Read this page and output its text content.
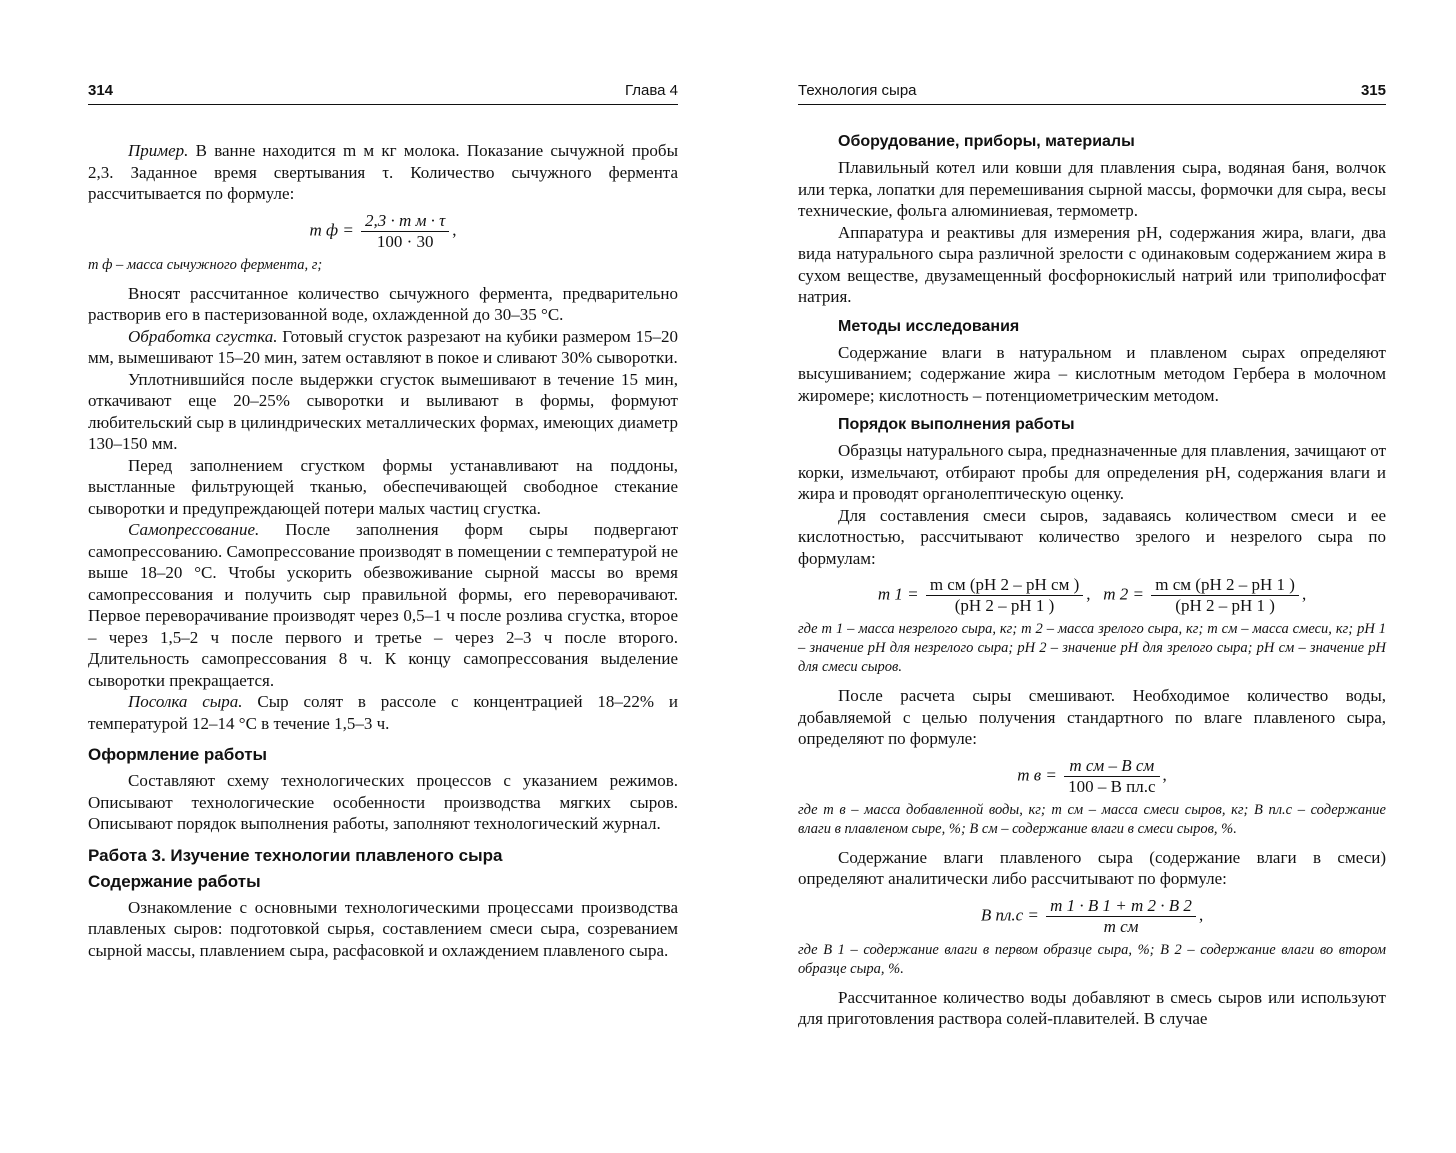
314	Глава 4

Пример. В ванне находится m м кг молока. Показание сычужной пробы 2,3. Заданное время свертывания τ. Количество сычужного фермента рассчитывается по формуле:

m $ф = \frac{\text{2,3 · m м · τ}}{100 \cdot 30}$ ,

m ф – масса сычужного фермента, г;

Вносят рассчитанное количество сычужного фермента, предварительно растворив его в пастеризованной воде, охлажденной до 30–35 °С.

Обработка сгустка. Готовый сгусток разрезают на кубики размером 15–20 мм, вымешивают 15–20 мин, затем оставляют в покое и сливают 30% сыворотки.

Уплотнившийся после выдержки сгусток вымешивают в течение 15 мин, откачивают еще 20–25% сыворотки и выливают в формы, формуют любительский сыр в цилиндрических металлических формах, имеющих диаметр 130–150 мм.

Перед заполнением сгустком формы устанавливают на поддоны, выстланные фильтрующей тканью, обеспечивающей свободное стекание сыворотки и предупреждающей потери малых частиц сгустка.

Самопрессование. После заполнения форм сыры подвергают самопрессованию. Самопрессование производят в помещении с температурой не выше 18–20 °С. Чтобы ускорить обезвоживание сырной массы во время самопрессования и получить сыр правильной формы, его переворачивают. Первое переворачивание производят через 0,5–1 ч после розлива сгустка, второе – через 1,5–2 ч после первого и третье – через 2–3 ч после второго. Длительность самопрессования 8 ч. К концу самопрессования выделение сыворотки прекращается.

Посолка сыра. Сыр солят в рассоле с концентрацией 18–22% и температурой 12–14 °С в течение 1,5–3 ч.

Оформление работы

Составляют схему технологических процессов с указанием режимов. Описывают технологические особенности производства мягких сыров. Описывают порядок выполнения работы, заполняют технологический журнал.

Работа 3. Изучение технологии плавленого сыра
Содержание работы

Ознакомление с основными технологическими процессами производства плавленых сыров: подготовкой сырья, составлением смеси сыра, созреванием сырной массы, плавлением сыра, расфасовкой и охлаждением плавленого сыра.

Технология сыра	315
Оборудование, приборы, материалы

Плавильный котел или ковши для плавления сыра, водяная баня, волчок или терка, лопатки для перемешивания сырной массы, формочки для сыра, весы технические, фольга алюминиевая, термометр.

Аппаратура и реактивы для измерения рН, содержания жира, влаги, два вида натурального сыра различной зрелости с одинаковым содержанием жира в сухом веществе, двузамещенный фосфорнокислый натрий или триполифосфат натрия.

Методы исследования

Содержание влаги в натуральном и плавленом сырах определяют высушиванием; содержание жира – кислотным методом Гербера в молочном жиромере; кислотность – потенциометрическим методом.

Порядок выполнения работы

Образцы натурального сыра, предназначенные для плавления, зачищают от корки, измельчают, отбирают пробы для определения рН, содержания влаги и жира и проводят органолептическую оценку.

Для составления смеси сыров, задаваясь количеством смеси и ее кислотностью, рассчитывают количество зрелого и незрелого сыра по формулам:

m $1 = \frac{\text{m см (pH 2 – pH см )}}{(pH 2 - pH 1 )}$ , m $2 = \frac{\text{m см (pH 2 – pH 1 )}}{(pH 2 - pH 1 )}$ ,

где m 1 – масса незрелого сыра, кг; m 2 – масса зрелого сыра, кг; m см – масса смеси, кг; pH 1 – значение рН для незрелого сыра; pH 2 – значение рН для зрелого сыра; pH см – значение рН для смеси сыров.

После расчета сыры смешивают. Необходимое количество воды, добавляемой с целью получения стандартного по влаге плавленого сыра, определяют по формуле:

m $в = \frac{\text{m см – B см}}{\text{100 – B пл.с}}$ ,

где m в – масса добавленной воды, кг; m см – масса смеси сыров, кг; B пл.с – содержание влаги в плавленом сыре, %; B см – содержание влаги в смеси сыров, %.

Содержание влаги плавленого сыра (содержание влаги в смеси) определяют аналитически либо рассчитывают по формуле:

B $пл.с = \frac{m 1 \cdot B 1 + m 2 \cdot B 2}{\text{m см}}$ ,

где B 1 – содержание влаги в первом образце сыра, %; B 2 – содержание влаги во втором образце сыра, %.

Рассчитанное количество воды добавляют в смесь сыров или используют для приготовления раствора солей-плавителей. В случае
